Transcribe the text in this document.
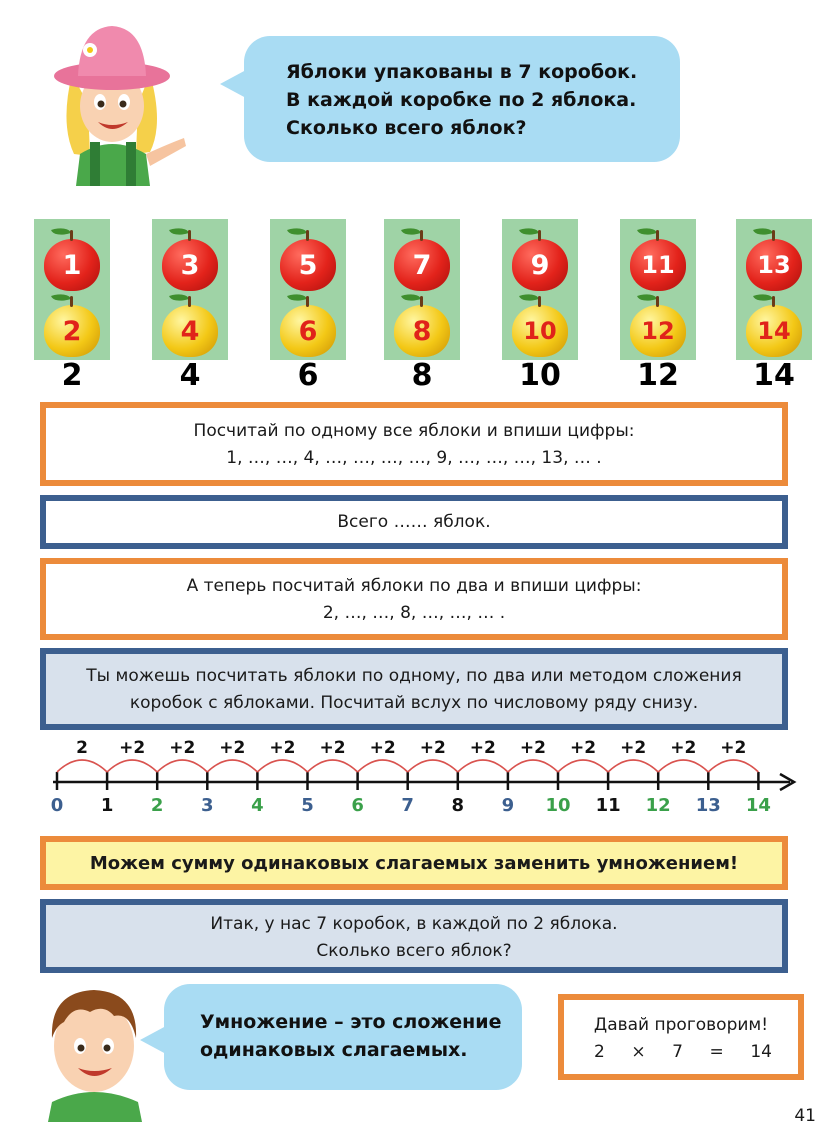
Яблоки упакованы в 7 коробок.
В каждой коробке по 2 яблока.
Сколько всего яблок?
1
2
3
4
5
6
7
8
9
10
11
12
13
14
2	4	6	8	10	12	14
Посчитай по одному все яблоки и впиши цифры:
1, …, …, 4, …, …, …, …, 9, …, …, …, 13, … .
Всего …… яблок.
А теперь посчитай яблоки по два и впиши цифры:
2, …, …, 8, …, …, … .
Ты можешь посчитать яблоки по одному, по два или методом сложения
коробок с яблоками. Посчитай вслух по числовому ряду снизу.
2	+2	+2	+2	+2	+2	+2	+2	+2	+2	+2	+2	+2	+2
0	1	2	3	4	5	6	7	8	9	10	11	12	13	14
Можем сумму одинаковых слагаемых заменить умножением!
Итак, у нас 7 коробок, в каждой по 2 яблока.
Сколько всего яблок?
Умножение – это сложение
одинаковых слагаемых.
Давай проговорим!
2 × 7 = 14
41
